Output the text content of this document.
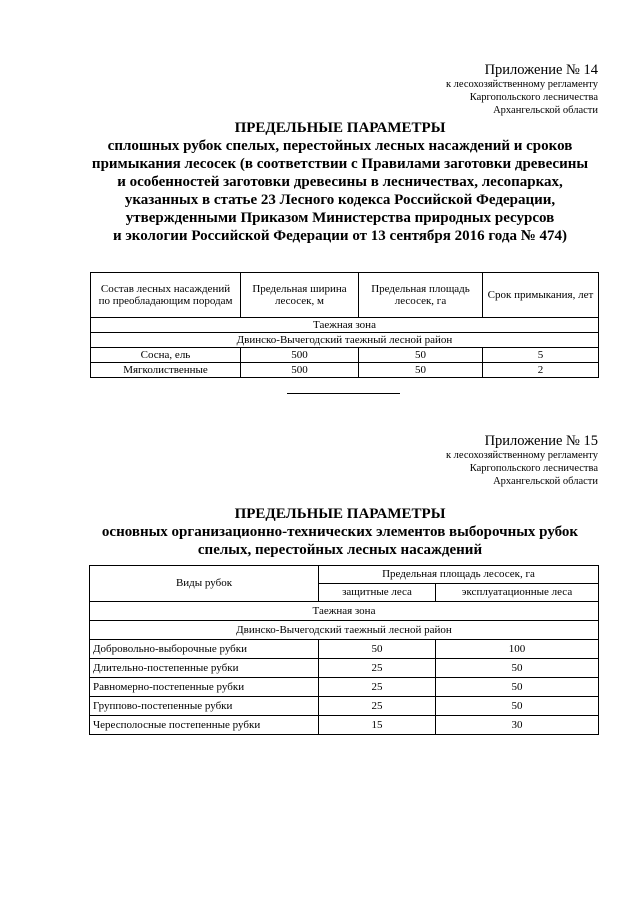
Приложение № 14
к лесохозяйственному регламенту
Каргопольского лесничества
Архангельской области
ПРЕДЕЛЬНЫЕ ПАРАМЕТРЫ
сплошных рубок спелых, перестойных лесных насаждений и сроков
примыкания лесосек (в соответствии с Правилами заготовки древесины
и особенностей заготовки древесины в лесничествах, лесопарках,
указанных в статье 23 Лесного кодекса Российской Федерации,
утвержденными Приказом Министерства природных ресурсов
и экологии Российской Федерации от 13 сентября 2016 года № 474)
Состав лесных насаждений по преобладающим породам	Предельная ширина лесосек, м	Предельная площадь лесосек, га	Срок примыкания, лет
Таежная зона			
Двинско-Вычегодский таежный лесной район			
Сосна, ель	500	50	5
Мягколиственные	500	50	2
Приложение № 15
к лесохозяйственному регламенту
Каргопольского лесничества
Архангельской области
ПРЕДЕЛЬНЫЕ ПАРАМЕТРЫ
основных организационно-технических элементов выборочных рубок
спелых, перестойных лесных насаждений
Виды рубок	Предельная площадь лесосек, га	
	защитные леса	эксплуатационные леса
Таежная зона		
Двинско-Вычегодский таежный лесной район		
Добровольно-выборочные рубки	50	100
Длительно-постепенные рубки	25	50
Равномерно-постепенные рубки	25	50
Группово-постепенные рубки	25	50
Чересполосные постепенные рубки	15	30
